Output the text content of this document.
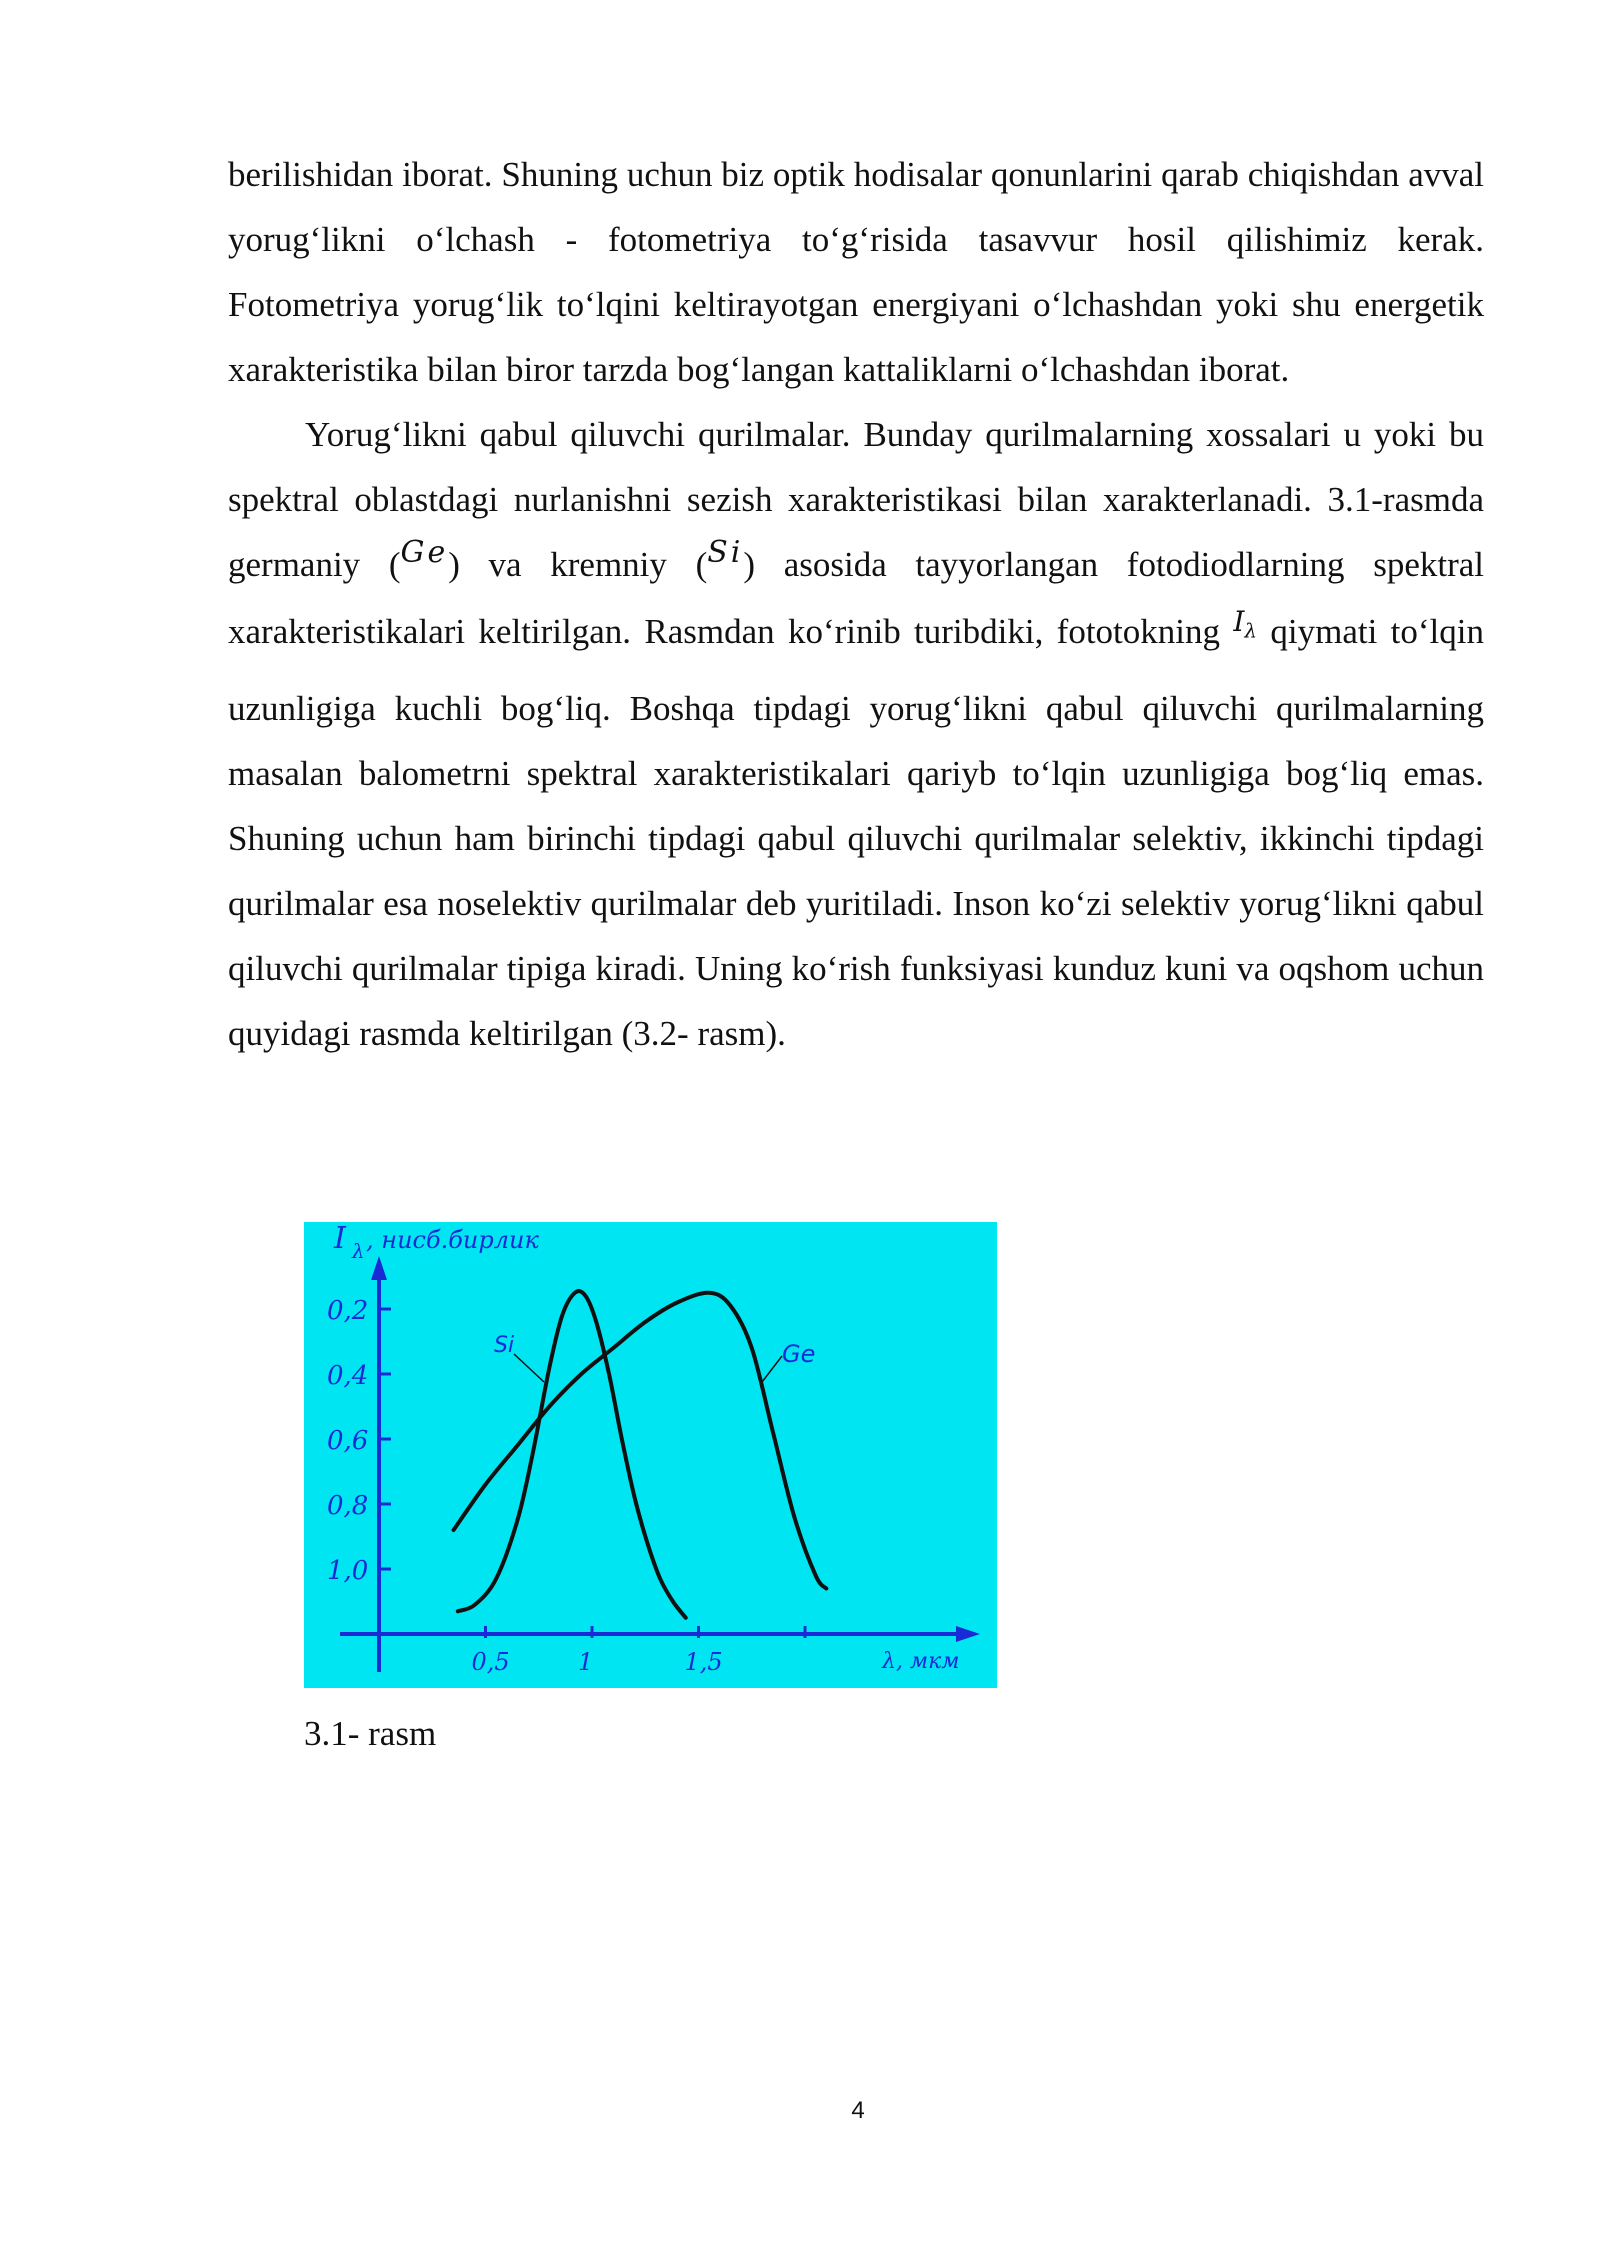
berilishidan iborat. Shuning uchun biz optik hodisalar qonunlarini qarab chiqishdan avval yorug‘likni o‘lchash - fotometriya to‘g‘risida tasavvur hosil qilishimiz kerak. Fotometriya yorug‘lik to‘lqini keltirayotgan energiyani o‘lchashdan yoki shu energetik xarakteristika bilan biror tarzda bog‘langan kattaliklarni o‘lchashdan iborat.

Yorug‘likni qabul qiluvchi qurilmalar. Bunday qurilmalarning xossalari u yoki bu spektral oblastdagi nurlanishni sezish xarakteristikasi bilan xarakterlanadi. 3.1-rasmda germaniy (Ge) va kremniy (Si) asosida tayyorlangan fotodiodlarning spektral xarakteristikalari keltirilgan. Rasmdan ko‘rinib turibdiki, fototokning $^{I_\lambda}$ qiymati to‘lqin uzunligiga kuchli bog‘liq. Boshqa tipdagi yorug‘likni qabul qiluvchi qurilmalarning masalan balometrni spektral xarakteristikalari qariyb to‘lqin uzunligiga bog‘liq emas. Shuning uchun ham birinchi tipdagi qabul qiluvchi qurilmalar selektiv, ikkinchi tipdagi qurilmalar esa noselektiv qurilmalar deb yuritiladi. Inson ko‘zi selektiv yorug‘likni qabul qiluvchi qurilmalar tipiga kiradi. Uning ko‘rish funksiyasi kunduz kuni va oqshom uchun quyidagi rasmda keltirilgan (3.2- rasm).

1,0
0,8
0,6
0,4
0,2
0,5	1	1,5
I λ , нисб.бирлик
λ, мкм
Si	Ge
3.1- rasm
4
